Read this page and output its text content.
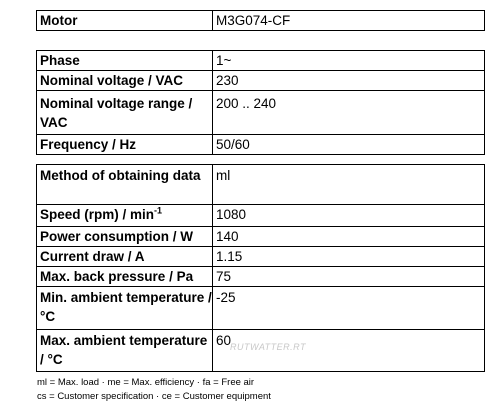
Motor	M3G074-CF
Phase	1~
Nominal voltage / VAC	230
Nominal voltage range / VAC	200 .. 240
Frequency / Hz	50/60
Method of obtaining data	ml
Speed $(rpm) / \min^{-1}$	1080
Power consumption / W	140
Current draw / A	1.15
Max. back pressure / Pa	75
Min. ambient temperature / °C	-25
Max. ambient temperature / °C	60
RUTWATTER.RT
ml = Max. load · me = Max. efficiency · fa = Free air
cs = Customer specification · ce = Customer equipment
